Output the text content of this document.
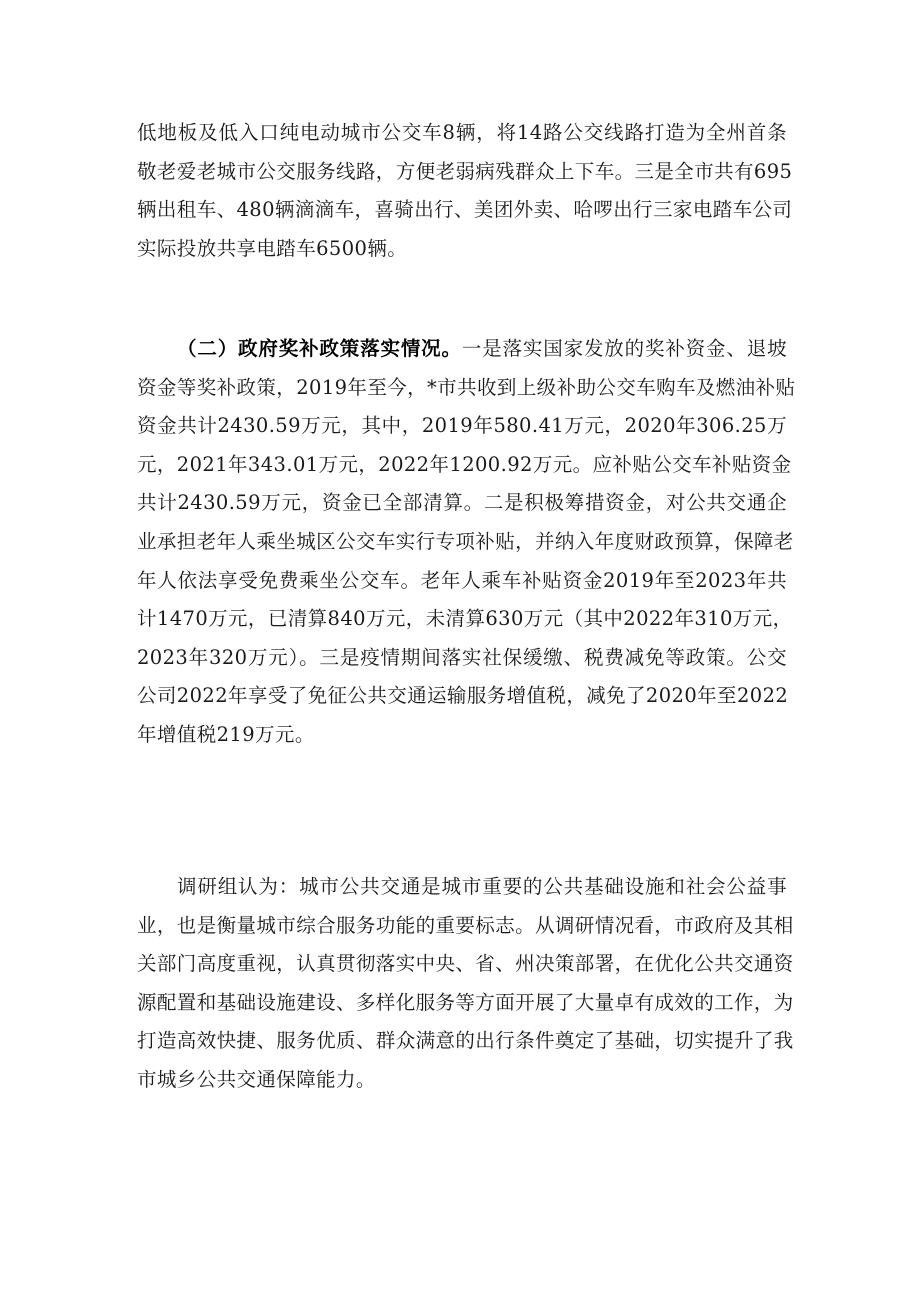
低地板及低入口纯电动城市公交车8辆，将14路公交线路打造为全州首条
敬老爱老城市公交服务线路，方便老弱病残群众上下车。三是全市共有695
辆出租车、480辆滴滴车，喜骑出行、美团外卖、哈啰出行三家电踏车公司
实际投放共享电踏车6500辆。
（二）政府奖补政策落实情况。一是落实国家发放的奖补资金、退坡
资金等奖补政策，2019年至今，*市共收到上级补助公交车购车及燃油补贴
资金共计2430.59万元，其中，2019年580.41万元，2020年306.25万
元，2021年343.01万元，2022年1200.92万元。应补贴公交车补贴资金
共计2430.59万元，资金已全部清算。二是积极筹措资金，对公共交通企
业承担老年人乘坐城区公交车实行专项补贴，并纳入年度财政预算，保障老
年人依法享受免费乘坐公交车。老年人乘车补贴资金2019年至2023年共
计1470万元，已清算840万元，未清算630万元（其中2022年310万元，
2023年320万元）。三是疫情期间落实社保缓缴、税费减免等政策。公交
公司2022年享受了免征公共交通运输服务增值税，减免了2020年至2022
年增值税219万元。
调研组认为：城市公共交通是城市重要的公共基础设施和社会公益事
业，也是衡量城市综合服务功能的重要标志。从调研情况看，市政府及其相
关部门高度重视，认真贯彻落实中央、省、州决策部署，在优化公共交通资
源配置和基础设施建设、多样化服务等方面开展了大量卓有成效的工作，为
打造高效快捷、服务优质、群众满意的出行条件奠定了基础，切实提升了我
市城乡公共交通保障能力。
